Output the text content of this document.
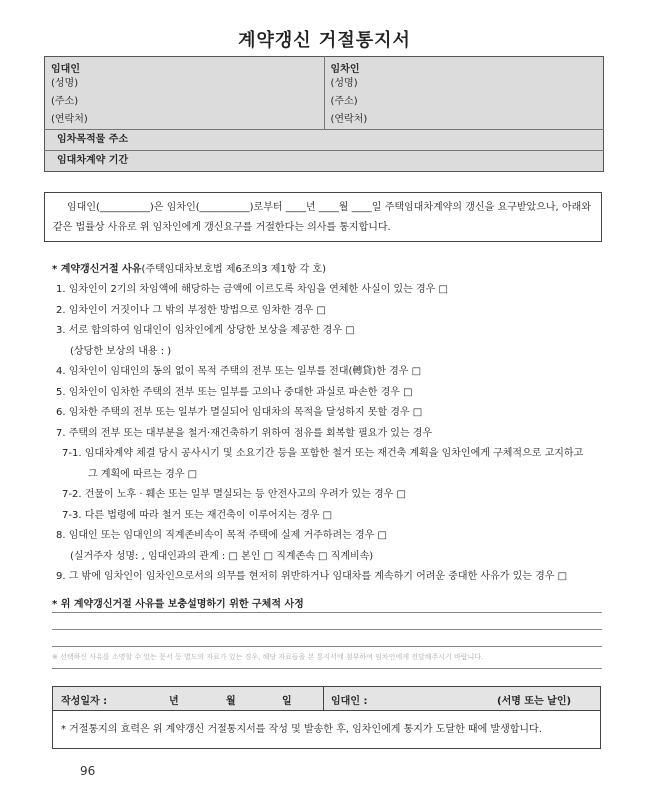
계약갱신 거절통지서
임대인	임차인
(성명)	(성명)
(주소)	(주소)
(연락처)	(연락처)
임차목적물 주소	
임대차계약 기간	

임대인(__________)은 임차인(__________)로부터 ____년 ____월 ____일 주택임대차계약의 갱신을 요구받았으나, 아래와 같은 법률상 사유로 위 임차인에게 갱신요구를 거절한다는 의사를 통지합니다.

* 계약갱신거절 사유(주택임대차보호법 제6조의3 제1항 각 호)
1. 임차인이 2기의 차임액에 해당하는 금액에 이르도록 차임을 연체한 사실이 있는 경우 □
2. 임차인이 거짓이나 그 밖의 부정한 방법으로 임차한 경우 □
3. 서로 합의하여 임대인이 임차인에게 상당한 보상을 제공한 경우 □
(상당한 보상의 내용 : )
4. 임차인이 임대인의 동의 없이 목적 주택의 전부 또는 일부를 전대(轉貸)한 경우 □
5. 임차인이 임차한 주택의 전부 또는 일부를 고의나 중대한 과실로 파손한 경우 □
6. 임차한 주택의 전부 또는 일부가 멸실되어 임대차의 목적을 달성하지 못할 경우 □
7. 주택의 전부 또는 대부분을 철거·재건축하기 위하여 점유를 회복할 필요가 있는 경우
7-1. 임대차계약 체결 당시 공사시기 및 소요기간 등을 포함한 철거 또는 재건축 계획을 임차인에게 구체적으로 고지하고
그 계획에 따르는 경우 □
7-2. 건물이 노후 · 훼손 또는 일부 멸실되는 등 안전사고의 우려가 있는 경우 □
7-3. 다른 법령에 따라 철거 또는 재건축이 이루어지는 경우 □
8. 임대인 또는 임대인의 직계존비속이 목적 주택에 실제 거주하려는 경우 □
(실거주자 성명: , 임대인과의 관계 : □ 본인 □ 직계존속 □ 직계비속)
9. 그 밖에 임차인이 임차인으로서의 의무를 현저히 위반하거나 임대차를 계속하기 어려운 중대한 사유가 있는 경우 □
* 위 계약갱신거절 사유를 보충설명하기 위한 구체적 사정
※ 선택하신 사유를 소명할 수 있는 문서 등 별도의 자료가 있는 경우, 해당 자료들을 본 통지서에 첨부하여 임차인에게 전달해주시기 바랍니다.
작성일자 :	년	월	일	임대인 :	(서명 또는 날인)
* 거절통지의 효력은 위 계약갱신 거절통지서를 작성 및 발송한 후, 임차인에게 통지가 도달한 때에 발생합니다.
96
